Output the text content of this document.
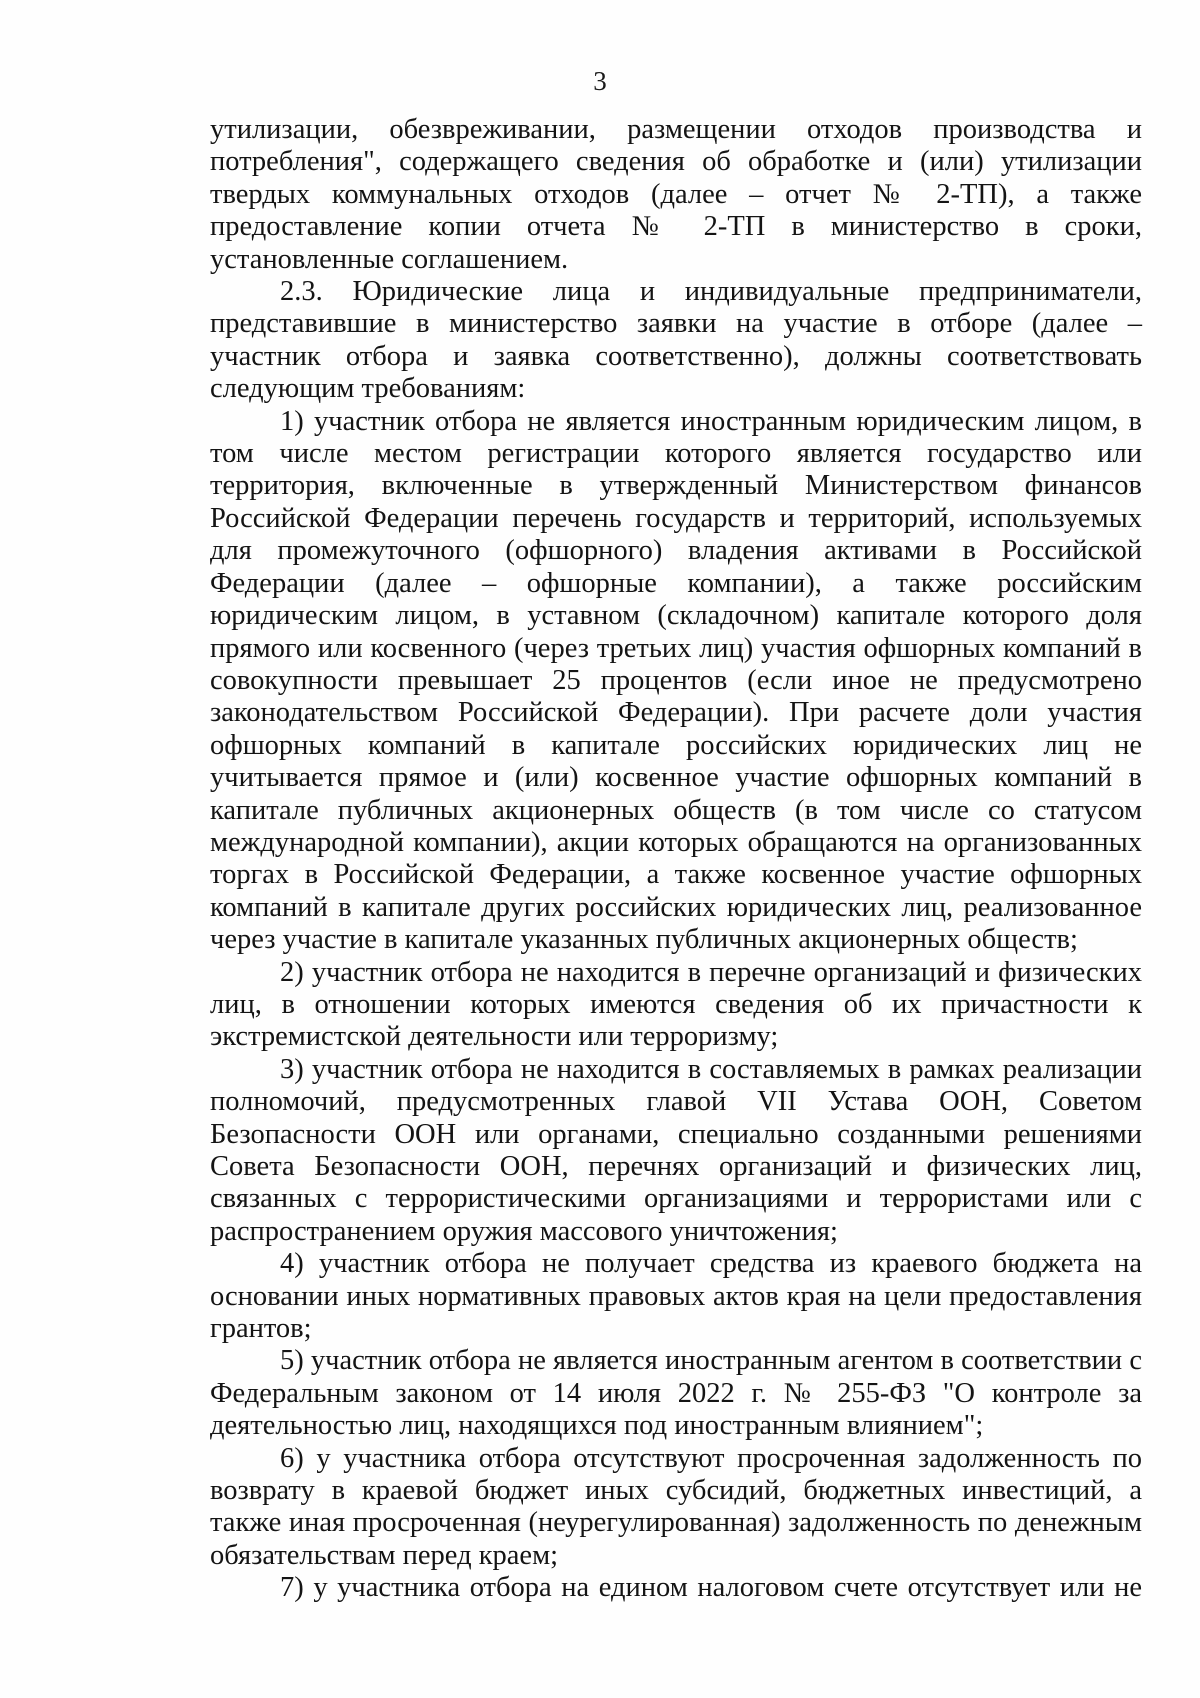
3

утилизации, обезвреживании, размещении отходов производства и потребления", содержащего сведения об обработке и (или) утилизации твердых коммунальных отходов (далее – отчет № 2-ТП), а также предоставление копии отчета № 2-ТП в министерство в сроки, установленные соглашением.

2.3. Юридические лица и индивидуальные предприниматели, представившие в министерство заявки на участие в отборе (далее – участник отбора и заявка соответственно), должны соответствовать следующим требованиям:

1) участник отбора не является иностранным юридическим лицом, в том числе местом регистрации которого является государство или территория, включенные в утвержденный Министерством финансов Российской Федерации перечень государств и территорий, используемых для промежуточного (офшорного) владения активами в Российской Федерации (далее – офшорные компании), а также российским юридическим лицом, в уставном (складочном) капитале которого доля прямого или косвенного (через третьих лиц) участия офшорных компаний в совокупности превышает 25 процентов (если иное не предусмотрено законодательством Российской Федерации). При расчете доли участия офшорных компаний в капитале российских юридических лиц не учитывается прямое и (или) косвенное участие офшорных компаний в капитале публичных акционерных обществ (в том числе со статусом международной компании), акции которых обращаются на организованных торгах в Российской Федерации, а также косвенное участие офшорных компаний в капитале других российских юридических лиц, реализованное через участие в капитале указанных публичных акционерных обществ;

2) участник отбора не находится в перечне организаций и физических лиц, в отношении которых имеются сведения об их причастности к экстремистской деятельности или терроризму;

3) участник отбора не находится в составляемых в рамках реализации полномочий, предусмотренных главой VII Устава ООН, Советом Безопасности ООН или органами, специально созданными решениями Совета Безопасности ООН, перечнях организаций и физических лиц, связанных с террористическими организациями и террористами или с распространением оружия массового уничтожения;

4) участник отбора не получает средства из краевого бюджета на основании иных нормативных правовых актов края на цели предоставления грантов;

5) участник отбора не является иностранным агентом в соответствии с Федеральным законом от 14 июля 2022 г. № 255-ФЗ "О контроле за деятельностью лиц, находящихся под иностранным влиянием";

6) у участника отбора отсутствуют просроченная задолженность по возврату в краевой бюджет иных субсидий, бюджетных инвестиций, а также иная просроченная (неурегулированная) задолженность по денежным обязательствам перед краем;

7) у участника отбора на едином налоговом счете отсутствует или не
